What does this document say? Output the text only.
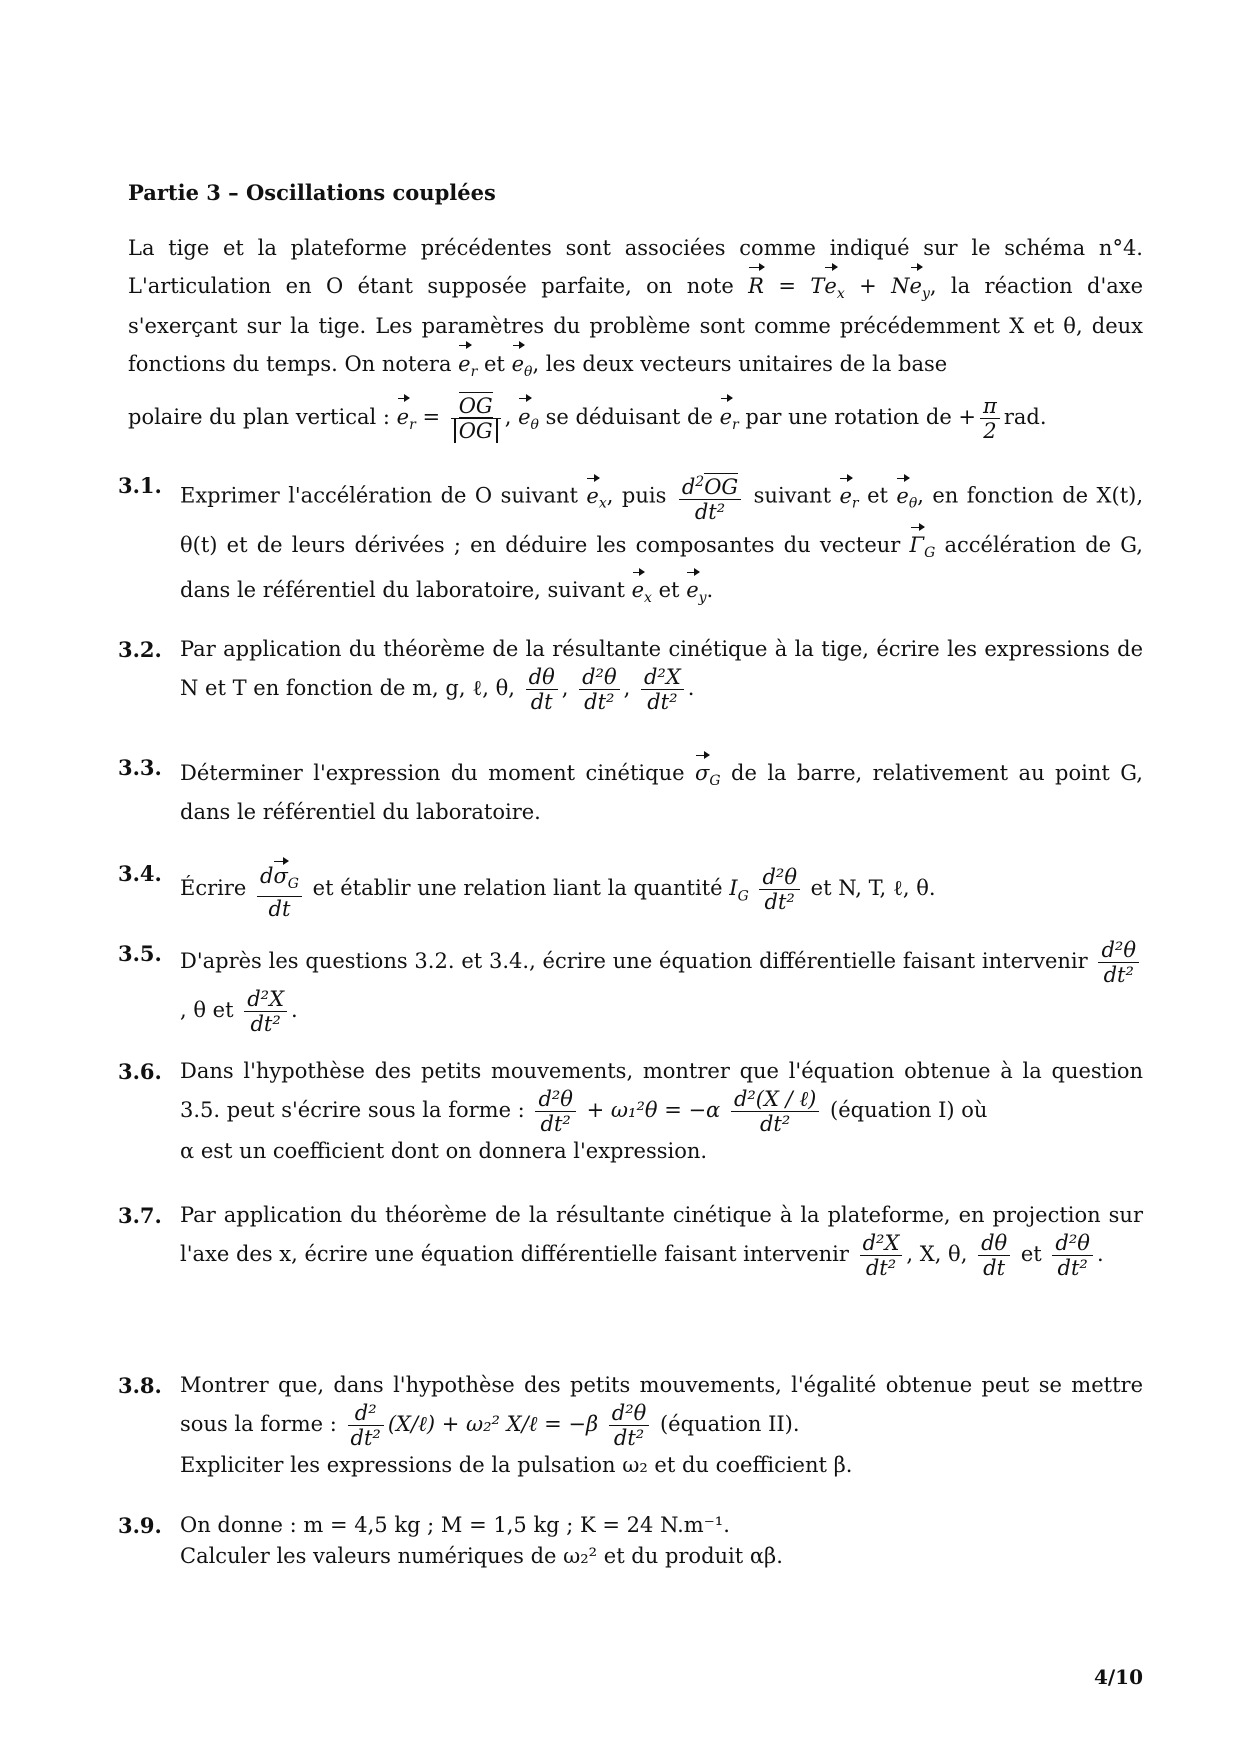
Partie 3 – Oscillations couplées

La tige et la plateforme précédentes sont associées comme indiqué sur le schéma n°4. L'articulation en O étant supposée parfaite, on note $R = Te_x + Ne_y$, la réaction d'axe s'exerçant sur la tige. Les paramètres du problème sont comme précédemment X et θ, deux fonctions du temps. On notera $e_r$ et $e_\theta$, les deux vecteurs unitaires de la base

polaire du plan vertical : $e_r = \frac{OG}{OG}$ , $e_\theta$ se déduisant de $e_r$ par une rotation de + $\frac{\pi}{2}$ rad.

3.1. Exprimer l'accélération de O suivant $e_x$, puis $\frac{d^2OG}{\text{dt²}}$ suivant $e_r$ et $e_\theta$, en fonction de X(t), θ(t) et de leurs dérivées ; en déduire les composantes du vecteur $\Gamma_G$ accélération de G, dans le référentiel du laboratoire, suivant $e_x$ et $e_y$.

3.2. Par application du théorème de la résultante cinétique à la tige, écrire les expressions de N et T en fonction de m, g, ℓ, θ, $\frac{d\theta}{dt}$ , $\frac{\text{d²θ}}{\text{dt²}}$ , $\frac{\text{d²X}}{\text{dt²}}$ .

3.3. Déterminer l'expression du moment cinétique $\sigma_G$ de la barre, relativement au point G, dans le référentiel du laboratoire.

3.4.

Écrire $\frac{d\sigma_G}{dt}$ et établir une relation liant la quantité $I_G \frac{\text{d²θ}}{\text{dt²}}$ et N, T, ℓ, θ.

3.5. D'après les questions 3.2. et 3.4., écrire une équation différentielle faisant intervenir $\frac{\text{d²θ}}{\text{dt²}}$
, θ et $\frac{\text{d²X}}{\text{dt²}}$ .

3.6. Dans l'hypothèse des petits mouvements, montrer que l'équation obtenue à la question 3.5. peut s'écrire sous la forme : $\frac{\text{d²θ}}{\text{dt²}} + \omega_1^2\theta = -\alpha \frac{\text{d²(X / ℓ)}}{\text{dt²}}$ (équation I) où

α est un coefficient dont on donnera l'expression.

3.7. Par application du théorème de la résultante cinétique à la plateforme, en projection sur l'axe des x, écrire une équation différentielle faisant intervenir $\frac{\text{d²X}}{\text{dt²}}$ , X, θ, $\frac{d\theta}{dt}$ et $\frac{\text{d²θ}}{\text{dt²}}$ .

3.8. Montrer que, dans l'hypothèse des petits mouvements, l'égalité obtenue peut se mettre sous la forme : $\frac{\text{d²}}{\text{dt²}}$ (X/ℓ) + ω₂² X/ℓ = $-\beta \frac{\text{d²θ}}{\text{dt²}}$ (équation II).

Expliciter les expressions de la pulsation ω₂ et du coefficient β.

3.9. On donne : m = 4,5 kg ; M = 1,5 kg ; K = 24 N.m⁻¹.

Calculer les valeurs numériques de ω₂² et du produit αβ.

4/10
